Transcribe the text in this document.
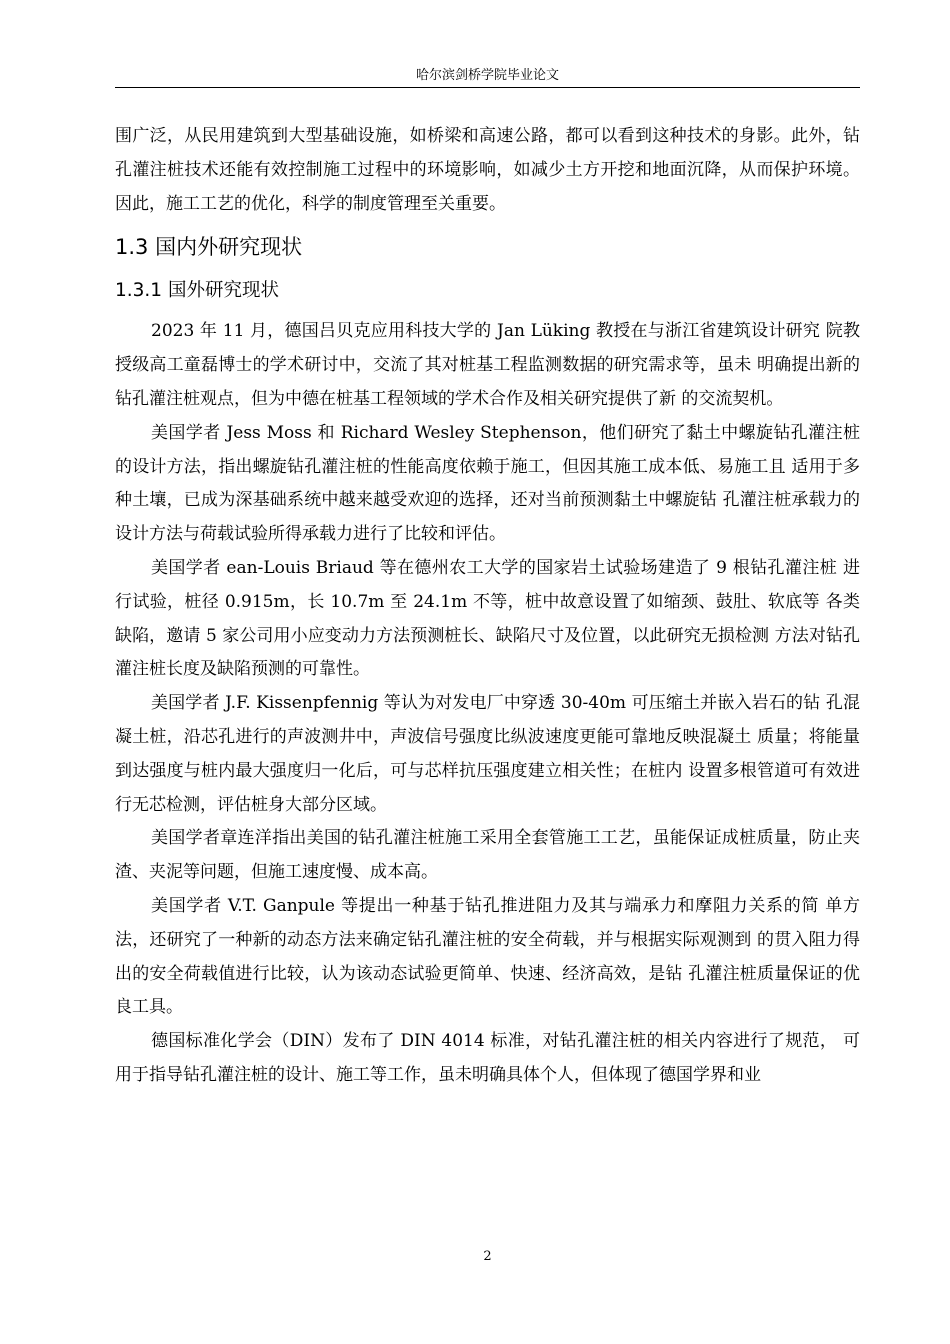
哈尔滨剑桥学院毕业论文

围广泛，从民用建筑到大型基础设施，如桥梁和高速公路，都可以看到这种技术的身影。此外，钻孔灌注桩技术还能有效控制施工过程中的环境影响，如减少土方开挖和地面沉降，从而保护环境。因此，施工工艺的优化，科学的制度管理至关重要。

1.3 国内外研究现状
1.3.1 国外研究现状

2023 年 11 月，德国吕贝克应用科技大学的 Jan Lüking 教授在与浙江省建筑设计研究 院教授级高工童磊博士的学术研讨中，交流了其对桩基工程监测数据的研究需求等，虽未 明确提出新的钻孔灌注桩观点，但为中德在桩基工程领域的学术合作及相关研究提供了新 的交流契机。

美国学者 Jess Moss 和 Richard Wesley Stephenson，他们研究了黏土中螺旋钻孔灌注桩 的设计方法，指出螺旋钻孔灌注桩的性能高度依赖于施工，但因其施工成本低、易施工且 适用于多种土壤，已成为深基础系统中越来越受欢迎的选择，还对当前预测黏土中螺旋钻 孔灌注桩承载力的设计方法与荷载试验所得承载力进行了比较和评估。

美国学者 ean-Louis Briaud 等在德州农工大学的国家岩土试验场建造了 9 根钻孔灌注桩 进行试验，桩径 0.915m，长 10.7m 至 24.1m 不等，桩中故意设置了如缩颈、鼓肚、软底等 各类缺陷，邀请 5 家公司用小应变动力方法预测桩长、缺陷尺寸及位置，以此研究无损检测 方法对钻孔灌注桩长度及缺陷预测的可靠性。

美国学者 J.F. Kissenpfennig 等认为对发电厂中穿透 30-40m 可压缩土并嵌入岩石的钻 孔混凝土桩，沿芯孔进行的声波测井中，声波信号强度比纵波速度更能可靠地反映混凝土 质量；将能量到达强度与桩内最大强度归一化后，可与芯样抗压强度建立相关性；在桩内 设置多根管道可有效进行无芯检测，评估桩身大部分区域。

美国学者章连洋指出美国的钻孔灌注桩施工采用全套管施工工艺，虽能保证成桩质量，防止夹渣、夹泥等问题，但施工速度慢、成本高。

美国学者 V.T. Ganpule 等提出一种基于钻孔推进阻力及其与端承力和摩阻力关系的简 单方法，还研究了一种新的动态方法来确定钻孔灌注桩的安全荷载，并与根据实际观测到 的贯入阻力得出的安全荷载值进行比较，认为该动态试验更简单、快速、经济高效，是钻 孔灌注桩质量保证的优良工具。

德国标准化学会（DIN）发布了 DIN 4014 标准，对钻孔灌注桩的相关内容进行了规范， 可用于指导钻孔灌注桩的设计、施工等工作，虽未明确具体个人，但体现了德国学界和业

2
